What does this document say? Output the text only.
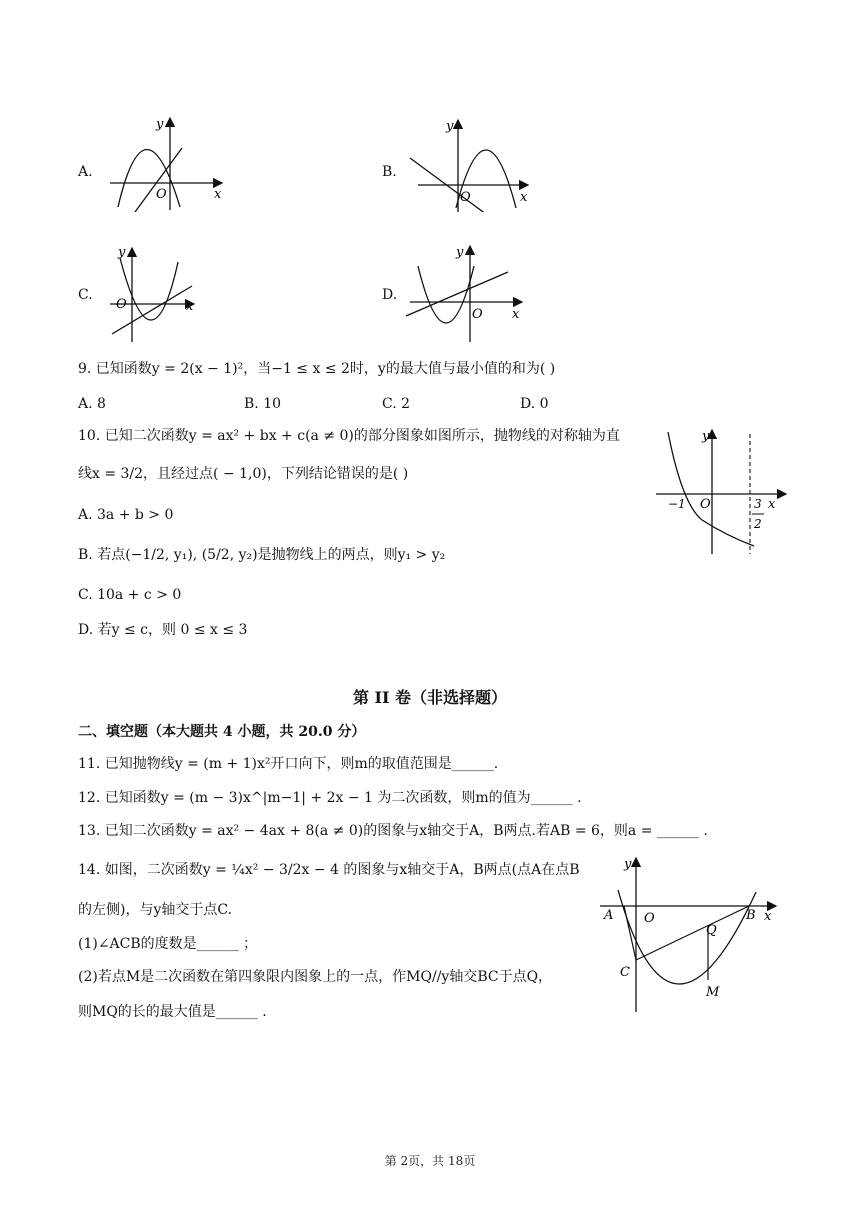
A.	B.
C.	D.
O	x
y
O	x
y
O	x
y
O x
y
9. 已知函数y = 2(x − 1)²，当−1 ≤ x ≤ 2时，y的最大值与最小值的和为( )
A. 8	B. 10	C. 2	D. 0
10. 已知二次函数y = ax² + bx + c(a ≠ 0)的部分图象如图所示，抛物线的对称轴为直
线x = 3/2，且经过点( − 1,0)，下列结论错误的是( )
A. 3a + b > 0
B. 若点(−1/2, y₁), (5/2, y₂)是抛物线上的两点，则y₁ > y₂
C. 10a + c > 0
D. 若y ≤ c，则 0 ≤ x ≤ 3
−1 O	3
2
x
y
第 II 卷（非选择题）
二、填空题（本大题共 4 小题，共 20.0 分）
11. 已知抛物线y = (m + 1)x²开口向下，则m的取值范围是______.
12. 已知函数y = (m − 3)x^|m−1| + 2x − 1 为二次函数，则m的值为______ .
13. 已知二次函数y = ax² − 4ax + 8(a ≠ 0)的图象与x轴交于A，B两点.若AB = 6，则a = ______ .
14. 如图，二次函数y = ¼x² − 3/2x − 4 的图象与x轴交于A，B两点(点A在点B
的左侧)，与y轴交于点C.
(1)∠ACB的度数是______ ；
(2)若点M是二次函数在第四象限内图象上的一点，作MQ//y轴交BC于点Q，
则MQ的长的最大值是______ .
A O	B x
y
C
Q
M
第 2页，共 18页
